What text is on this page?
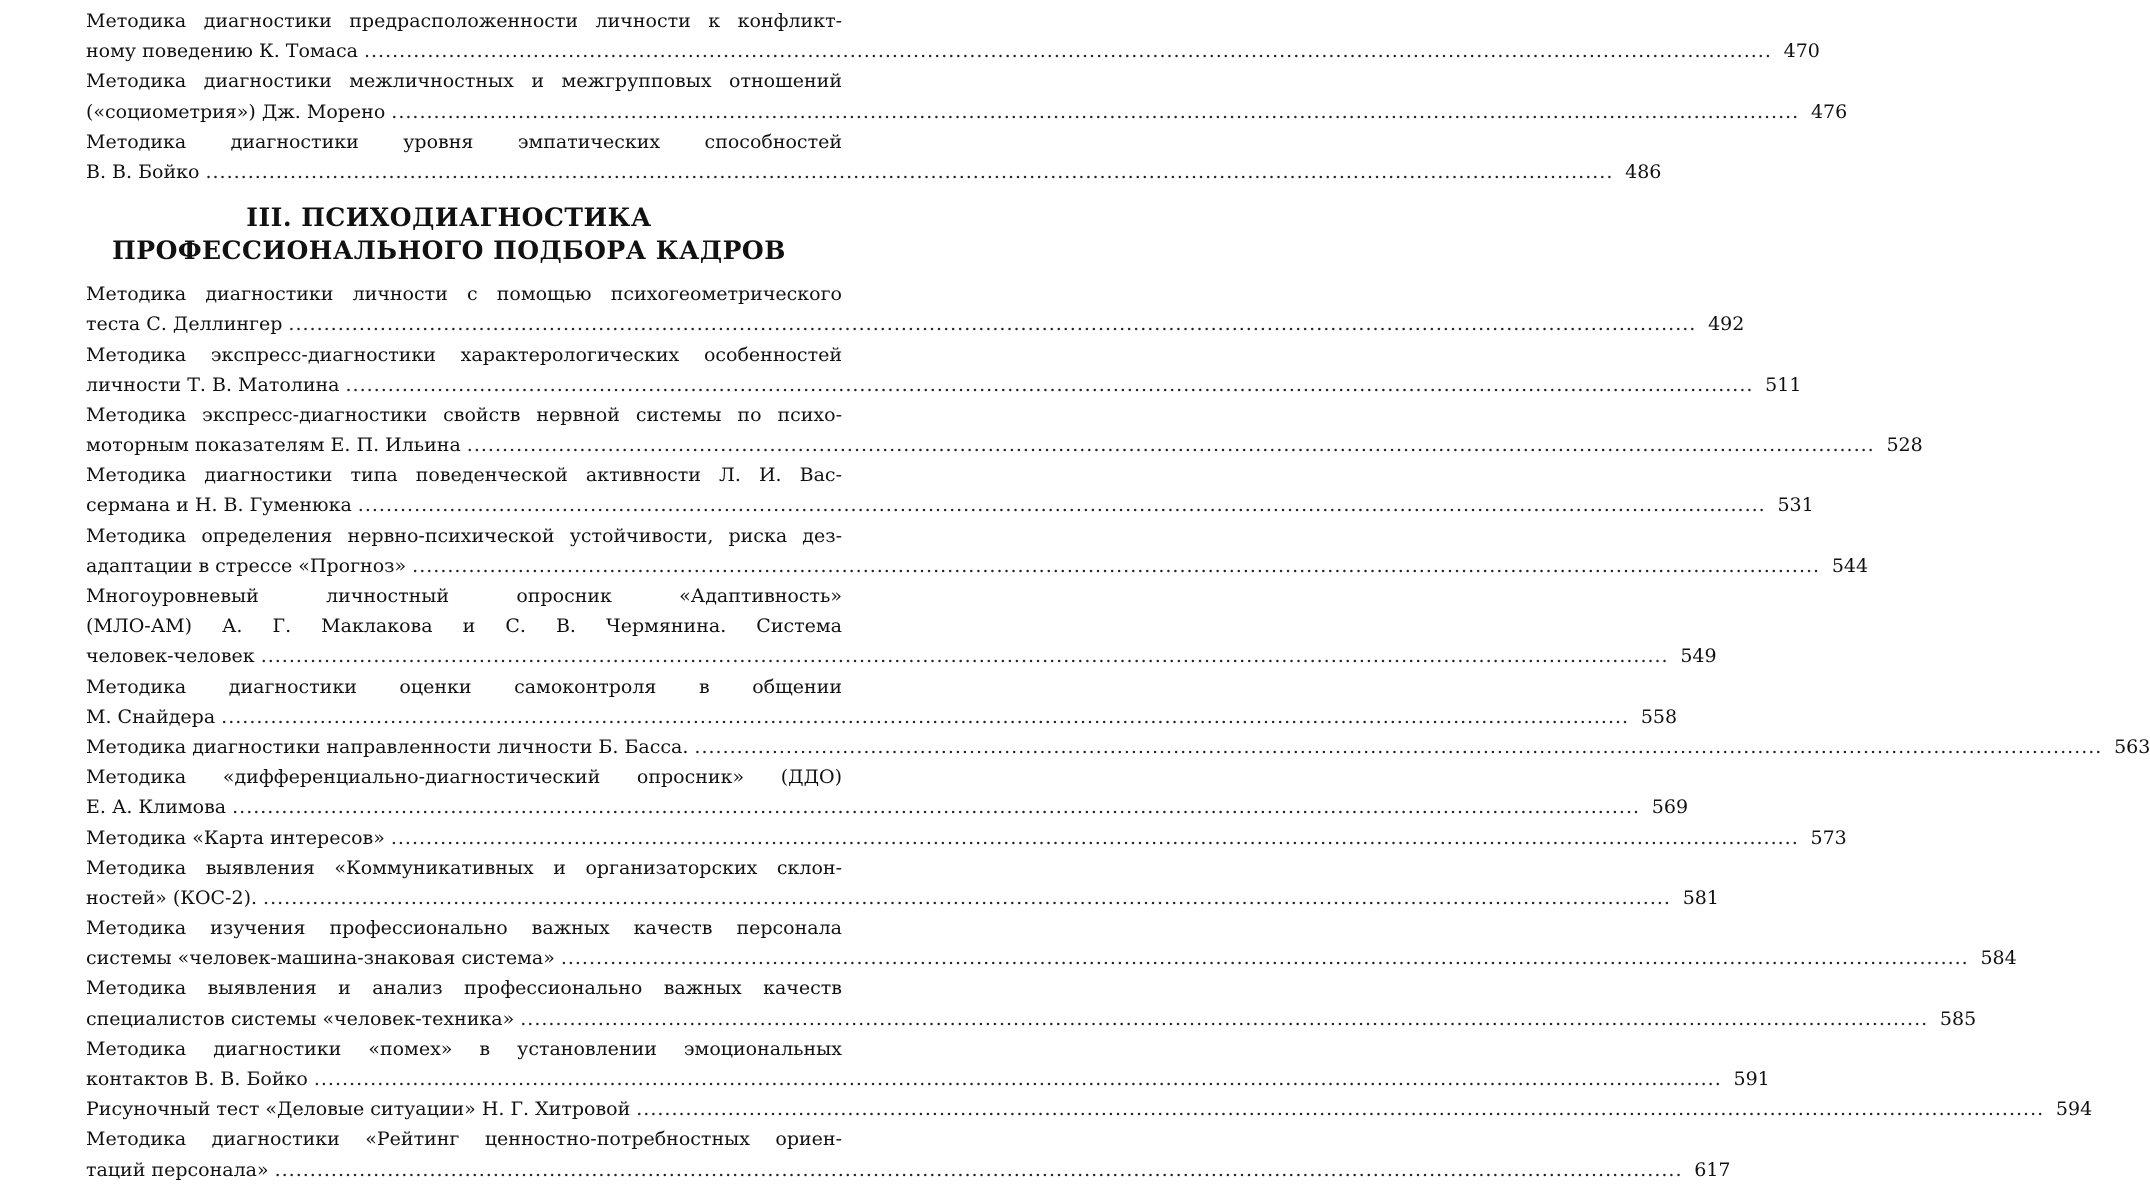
Методика диагностики предрасположенности личности к конфликт-
ному поведению К. Томаса ........................................................................................................................................................................................................ 470
Методика диагностики межличностных и межгрупповых отношений
(«социометрия») Дж. Морено ........................................................................................................................................................................................................ 476
Методика диагностики уровня эмпатических способностей
В. В. Бойко ........................................................................................................................................................................................................ 486
III. ПСИХОДИАГНОСТИКА
ПРОФЕССИОНАЛЬНОГО ПОДБОРА КАДРОВ
Методика диагностики личности с помощью психогеометрического
теста С. Деллингер ........................................................................................................................................................................................................ 492
Методика экспресс-диагностики характерологических особенностей
личности Т. В. Матолина ........................................................................................................................................................................................................ 511
Методика экспресс-диагностики свойств нервной системы по психо-
моторным показателям Е. П. Ильина ........................................................................................................................................................................................................ 528
Методика диагностики типа поведенческой активности Л. И. Вас-
сермана и Н. В. Гуменюка ........................................................................................................................................................................................................ 531
Методика определения нервно-психической устойчивости, риска дез-
адаптации в стрессе «Прогноз» ........................................................................................................................................................................................................ 544
Многоуровневый личностный опросник «Адаптивность»
(МЛО-АМ) А. Г. Маклакова и С. В. Чермянина. Система
человек-человек ........................................................................................................................................................................................................ 549
Методика диагностики оценки самоконтроля в общении
М. Снайдера ........................................................................................................................................................................................................ 558
Методика диагностики направленности личности Б. Басса. ........................................................................................................................................................................................................ 563
Методика «дифференциально-диагностический опросник» (ДДО)
Е. А. Климова ........................................................................................................................................................................................................ 569
Методика «Карта интересов» ........................................................................................................................................................................................................ 573
Методика выявления «Коммуникативных и организаторских склон-
ностей» (КОС-2). ........................................................................................................................................................................................................ 581
Методика изучения профессионально важных качеств персонала
системы «человек-машина-знаковая система» ........................................................................................................................................................................................................ 584
Методика выявления и анализ профессионально важных качеств
специалистов системы «человек-техника» ........................................................................................................................................................................................................ 585
Методика диагностики «помех» в установлении эмоциональных
контактов В. В. Бойко ........................................................................................................................................................................................................ 591
Рисуночный тест «Деловые ситуации» Н. Г. Хитровой ........................................................................................................................................................................................................ 594
Методика диагностики «Рейтинг ценностно-потребностных ориен-
таций персонала» ........................................................................................................................................................................................................ 617
